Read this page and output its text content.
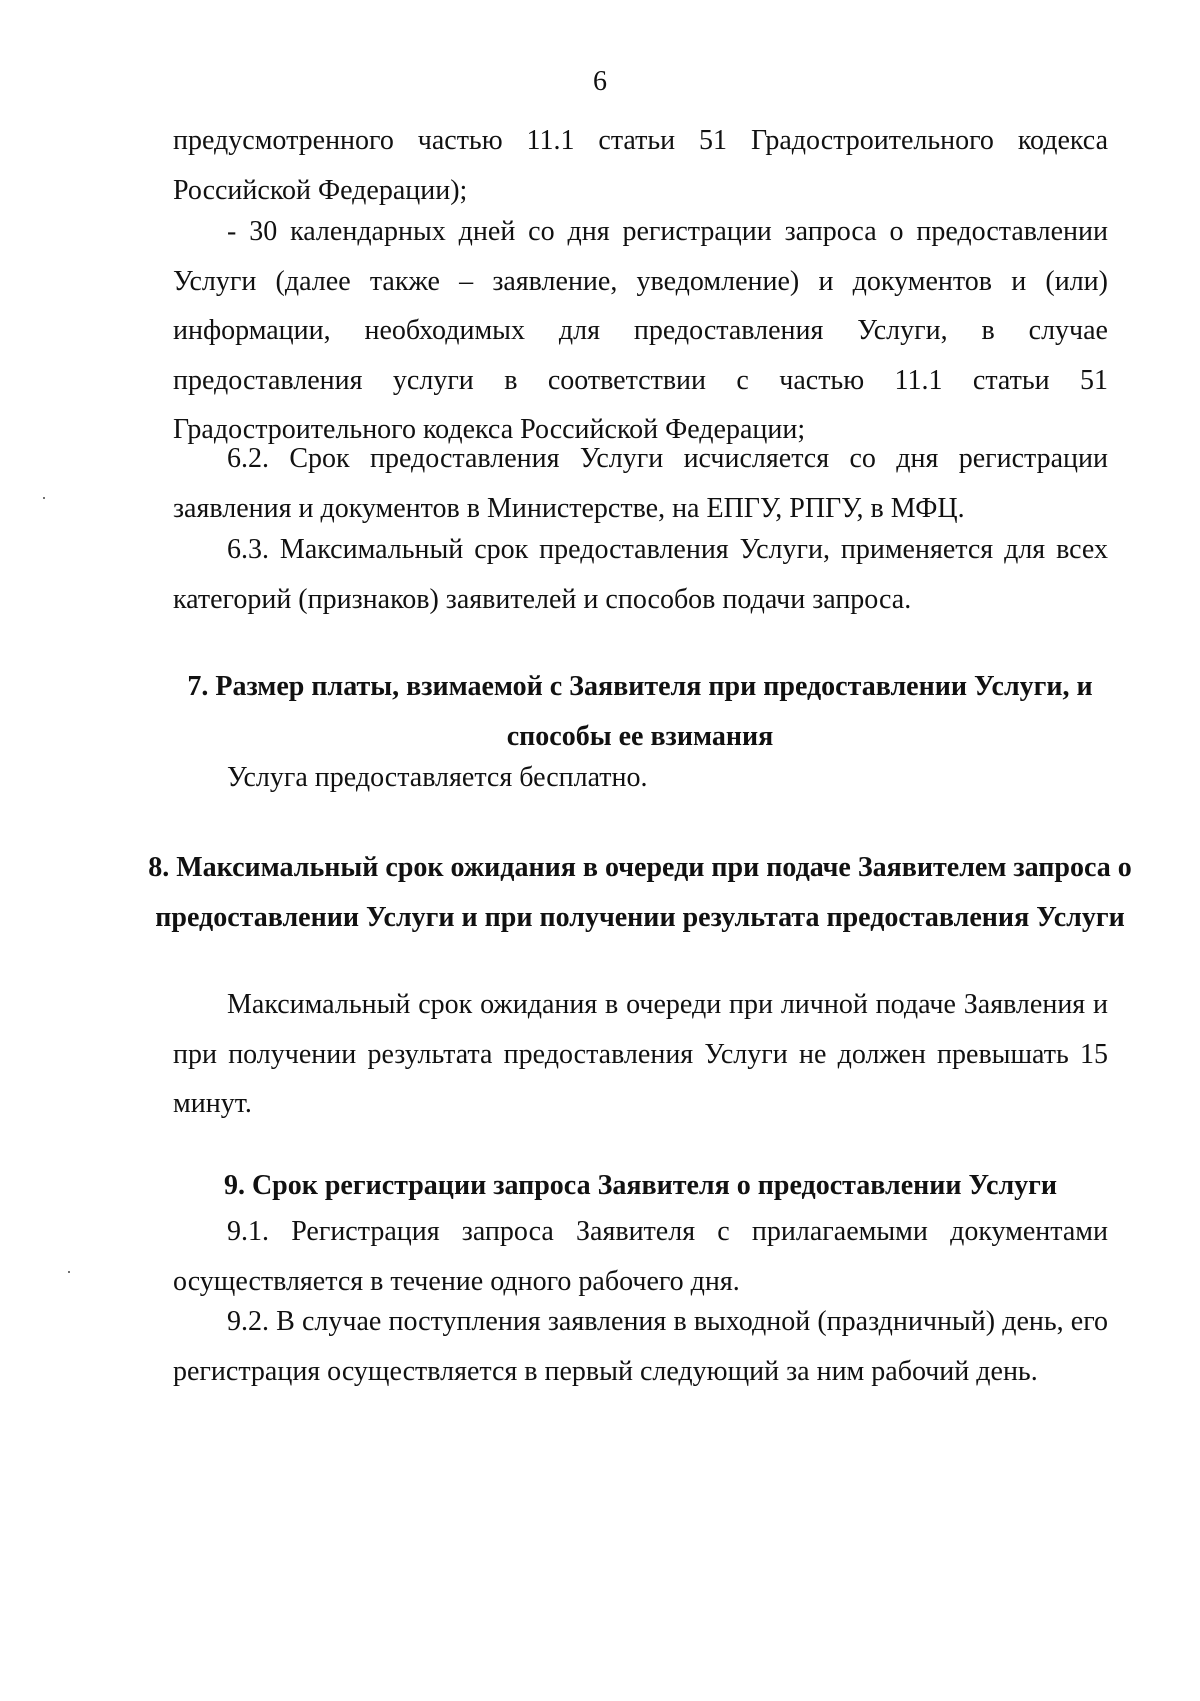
6
предусмотренного частью 11.1 статьи 51 Градостроительного кодекса Российской Федерации);
- 30 календарных дней со дня регистрации запроса о предоставлении Услуги (далее также – заявление, уведомление) и документов и (или) информации, необходимых для предоставления Услуги, в случае предоставления услуги в соответствии с частью 11.1 статьи 51 Градостроительного кодекса Российской Федерации;
6.2. Срок предоставления Услуги исчисляется со дня регистрации заявления и документов в Министерстве, на ЕПГУ, РПГУ, в МФЦ.
6.3. Максимальный срок предоставления Услуги, применяется для всех категорий (признаков) заявителей и способов подачи запроса.
7. Размер платы, взимаемой с Заявителя при предоставлении Услуги, и способы ее взимания
Услуга предоставляется бесплатно.
8. Максимальный срок ожидания в очереди при подаче Заявителем запроса о предоставлении Услуги и при получении результата предоставления Услуги
Максимальный срок ожидания в очереди при личной подаче Заявления и при получении результата предоставления Услуги не должен превышать 15 минут.
9. Срок регистрации запроса Заявителя о предоставлении Услуги
9.1. Регистрация запроса Заявителя с прилагаемыми документами осуществляется в течение одного рабочего дня.
9.2. В случае поступления заявления в выходной (праздничный) день, его регистрация осуществляется в первый следующий за ним рабочий день.
